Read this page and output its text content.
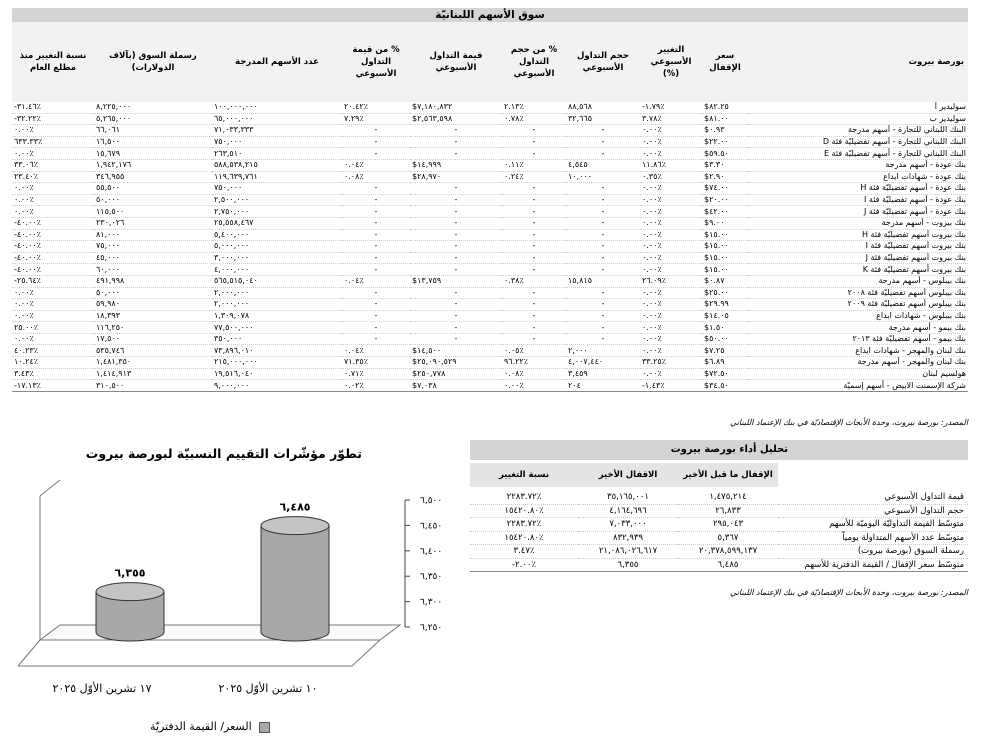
سوق الأسهم اللبنانيّة
بورصة بيروت	سعر الإقفال	التغيير الأسبوعي (%)	حجم التداول الأسبوعي	% من حجم التداول الأسبوعي	قيمة التداول الأسبوعي	% من قيمة التداول الأسبوعي	عدد الأسهم المدرجة	رسملة السوق (بآلاف الدولارات)	نسبة التغيير منذ مطلع العام
سوليدير أ	$٨٢.٢٥	-١.٧٩٪	٨٨,٥٦٨	٢.١٣٪	$٧,١٨٠,٨٣٢	٢٠.٤٢٪	١٠٠,٠٠٠,٠٠٠	٨,٢٢٥,٠٠٠	-٣١.٤٦٪
سوليدير ب	$٨١.٠٠	٣.٧٨٪	٣٢,٦٦٥	٠.٧٨٪	$٢,٥٦٣,٥٩٨	٧.٢٩٪	٦٥,٠٠٠,٠٠٠	٥,٢٦٥,٠٠٠	-٣٢.٢٢٪
البنك اللبناني للتجارة - أسهم مدرجة	$٠.٩٣	٠.٠٠٪	-	-	-	-	٧١,٠٣٣,٣٣٣	٦٦,٠٦١	٠.٠٠٪
البنك اللبناني للتجارة - أسهم تفضيليّة فئة D	$٢٢.٠٠	٠.٠٠٪	-	-	-	-	٧٥٠,٠٠٠	١٦,٥٠٠	٦٣٣.٣٣٪
البنك اللبناني للتجارة - أسهم تفضيليّة فئة E	$٥٩.٥٠	٠.٠٠٪	-	-	-	-	٢٦٣,٥١٠	١٥,٦٧٩	٠.٠٠٪
بنك عودة - أسهم مدرجة	$٣.٣٠	١١.٨٦٪	٤,٥٤٥	٠.١١٪	$١٤,٩٩٩	٠.٠٤٪	٥٨٨,٥٣٨,٢١٥	١,٩٤٢,١٧٦	٣٣.٠٦٪
بنك عودة - شهادات ايداع	$٢.٩٠	٠.٣٥٪	١٠,٠٠٠	٠.٢٤٪	$٢٨,٩٧٠	٠.٠٨٪	١١٩,٦٣٩,٧٦١	٣٤٦,٩٥٥	٢٣.٤٠٪
بنك عودة - أسهم تفضيليّة فئة H	$٧٤.٠٠	٠.٠٠٪	-	-	-	-	٧٥٠,٠٠٠	٥٥,٥٠٠	٠.٠٠٪
بنك عودة - أسهم تفضيليّة فئة I	$٢٠.٠٠	٠.٠٠٪	-	-	-	-	٢,٥٠٠,٠٠٠	٥٠,٠٠٠	٠.٠٠٪
بنك عودة - أسهم تفضيليّة فئة J	$٤٢.٠٠	٠.٠٠٪	-	-	-	-	٢,٧٥٠,٠٠٠	١١٥,٥٠٠	٠.٠٠٪
بنك بيروت - أسهم مدرجة	$٩.٠٠	٠.٠٠٪	-	-	-	-	٢٥,٥٥٨,٤٦٧	٢٣٠,٠٢٦	-٤٠.٠٠٪
بنك بيروت أسهم تفضيليّة فئة H	$١٥.٠٠	٠.٠٠٪	-	-	-	-	٥,٤٠٠,٠٠٠	٨١,٠٠٠	-٤٠.٠٠٪
بنك بيروت أسهم تفضيليّة فئة I	$١٥.٠٠	٠.٠٠٪	-	-	-	-	٥,٠٠٠,٠٠٠	٧٥,٠٠٠	-٤٠.٠٠٪
بنك بيروت أسهم تفضيليّة فئة J	$١٥.٠٠	٠.٠٠٪	-	-	-	-	٣,٠٠٠,٠٠٠	٤٥,٠٠٠	-٤٠.٠٠٪
بنك بيروت أسهم تفضيليّة فئة K	$١٥.٠٠	٠.٠٠٪	-	-	-	-	٤,٠٠٠,٠٠٠	٦٠,٠٠٠	-٤٠.٠٠٪
بنك بيبلوس - أسهم مدرجة	$٠.٨٧	٢٦.٠٩٪	١٥,٨١٥	٠.٣٨٪	$١٣,٧٥٩	٠.٠٤٪	٥٦٥,٥١٥,٠٤٠	٤٩١,٩٩٨	-٢٥.٦٤٪
بنك بيبلوس أسهم تفضيليّة فئة ٢٠٠٨	$٢٥.٠٠	٠.٠٠٪	-	-	-	-	٢,٠٠٠,٠٠٠	٥٠,٠٠٠	٠.٠٠٪
بنك بيبلوس أسهم تفضيليّة فئة ٢٠٠٩	$٢٩.٩٩	٠.٠٠٪	-	-	-	-	٢,٠٠٠,٠٠٠	٥٩,٩٨٠	٠.٠٠٪
بنك بيبلوس - شهادات ايداع	$١٤.٠٥	٠.٠٠٪	-	-	-	-	١,٣٠٩,٠٧٨	١٨,٣٩٣	٠.٠٠٪
بنك بيمو - أسهم مدرجة	$١.٥٠	٠.٠٠٪	-	-	-	-	٧٧,٥٠٠,٠٠٠	١١٦,٢٥٠	٢٥.٠٠٪
بنك بيمو - أسهم تفضيليّة فئة ٢٠١٣	$٥٠.٠٠	٠.٠٠٪	-	-	-	-	٣٥٠,٠٠٠	١٧,٥٠٠	٠.٠٠٪
بنك لبنان والمهجر - شهادات ايداع	$٧.٢٥	٠.٠٠٪	٢,٠٠٠	٠.٠٥٪	$١٤,٥٠٠	٠.٠٤٪	٧٣,٨٩٦,٠١٠	٥٣٥,٧٤٦	٤٠.٢٣٪
بنك لبنان والمهجر - أسهم مدرجة	$٦.٨٩	٣٣.٢٥٪	٤,٠٠٧,٤٤٠	٩٦.٢٢٪	$٢٥,٠٩٠,٥٢٩	٧١.٣٥٪	٢١٥,٠٠٠,٠٠٠	١,٤٨١,٣٥٠	١٠.٢٤٪
هولسيم لبنان	$٧٢.٥٠	٠.٠٠٪	٣,٤٥٩	٠.٠٨٪	$٢٥٠,٧٧٨	٠.٧١٪	١٩,٥١٦,٠٤٠	١,٤١٤,٩١٣	٣.٤٣٪
شركة الإسمنت الابيض - أسهم إسميّة	$٣٤.٥٠	-١.٤٣٪	٢٠٤	٠.٠٠٪	$٧,٠٣٨	٠.٠٢٪	٩,٠٠٠,٠٠٠	٣١٠,٥٠٠	-١٧.١٣٪
المصدر: بورصة بيروت، وحدة الأبحاث الإقتصاديّة في بنك الإعتماد اللبناني
تحليل أداء بورصة بيروت
	الإقفال ما قبل الأخير	الاقفال الأخير	نسبة التغيير
قيمة التداول الأسبوعي	١,٤٧٥,٢١٤	٣٥,١٦٥,٠٠١	٢٢٨٣.٧٢٪
حجم التداول الأسبوعي	٢٦,٨٣٣	٤,١٦٤,٦٩٦	١٥٤٢٠.٨٠٪
متوسّط القيمة التداوليّة اليوميّة للأسهم	٢٩٥,٠٤٣	٧,٠٣٣,٠٠٠	٢٢٨٣.٧٢٪
متوسّط عدد الأسهم المتداولة يومياً	٥,٣٦٧	٨٣٢,٩٣٩	١٥٤٢٠.٨٠٪
رسملة السوق (بورصة بيروت)	٢٠,٣٧٨,٥٩٩,١٣٧	٢١,٠٨٦,٠٢٦,٦١٧	٣.٤٧٪
متوسّط سعر الإقفال / القيمة الدفترية للأسهم	٦,٤٨٥	٦,٣٥٥	-٢.٠٠٪
المصدر: بورصة بيروت، وحدة الأبحاث الإقتصاديّة في بنك الإعتماد اللبناني
تطوّر مؤشّرات التقييم النسبيّة لبورصة بيروت
٦,٥٠٠
٦,٤٥٠
٦,٤٠٠
٦,٣٥٠
٦,٣٠٠
٦,٢٥٠
٦,٣٥٥
٦,٤٨٥
١٧ تشرين الأوّل ٢٠٢٥	١٠ تشرين الأوّل ٢٠٢٥
السعر/ القيمة الدفتريّة
